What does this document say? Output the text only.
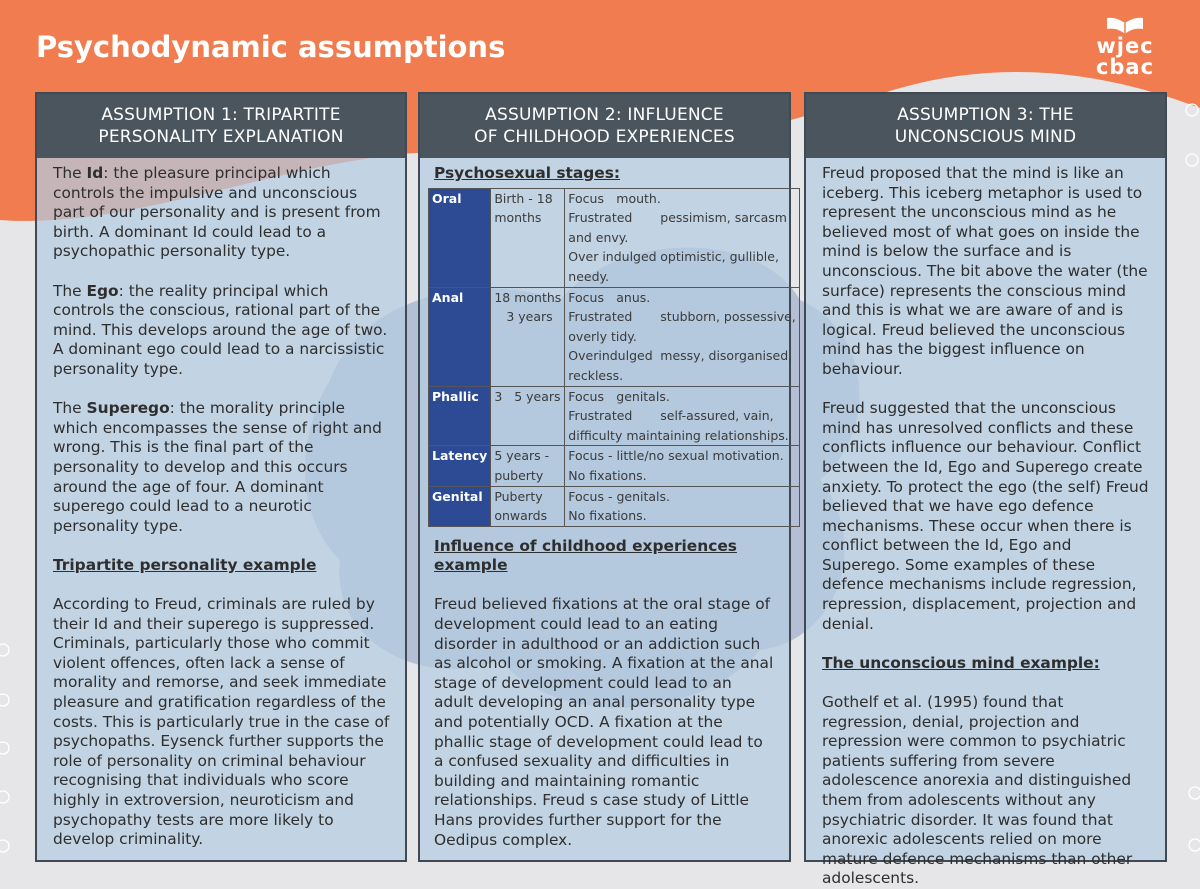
Psychodynamic assumptions	wjec
cbac
ASSUMPTION 1: TRIPARTITE
PERSONALITY EXPLANATION

The Id: the pleasure principal which controls the impulsive and unconscious part of our personality and is present from birth. A dominant Id could lead to a psychopathic personality type.

The Ego: the reality principal which controls the conscious, rational part of the mind. This develops around the age of two. A dominant ego could lead to a narcissistic personality type.

The Superego: the morality principle which encompasses the sense of right and wrong. This is the final part of the personality to develop and this occurs around the age of four. A dominant superego could lead to a neurotic personality type.

Tripartite personality example

According to Freud, criminals are ruled by their Id and their superego is suppressed. Criminals, particularly those who commit violent offences, often lack a sense of morality and remorse, and seek immediate pleasure and gratification regardless of the costs. This is particularly true in the case of psychopaths. Eysenck further supports the role of personality on criminal behaviour recognising that individuals who score highly in extroversion, neuroticism and psychopathy tests are more likely to develop criminality.

ASSUMPTION 2: INFLUENCE
OF CHILDHOOD EXPERIENCES
Psychosexual stages:
Oral	Birth - 18
months	Focus mouth.
Frustrated pessimism, sarcasm
and envy.
Over indulged optimistic, gullible,
needy.

Anal	18 months
3 years	Focus anus.
Frustrated stubborn, possessive,
overly tidy.
Overindulged messy, disorganised,
reckless.

Phallic	3 5 years	Focus genitals.
Frustrated self-assured, vain,
difficulty maintaining relationships.

Latency	5 years -
puberty	Focus - little/no sexual motivation.
No fixations.

Genital	Puberty
onwards	Focus - genitals.
No fixations.
Influence of childhood experiences
example

Freud believed fixations at the oral stage of development could lead to an eating disorder in adulthood or an addiction such as alcohol or smoking. A fixation at the anal stage of development could lead to an adult developing an anal personality type and potentially OCD. A fixation at the phallic stage of development could lead to a confused sexuality and difficulties in building and maintaining romantic relationships. Freud s case study of Little Hans provides further support for the Oedipus complex.

ASSUMPTION 3: THE
UNCONSCIOUS MIND

Freud proposed that the mind is like an iceberg. This iceberg metaphor is used to represent the unconscious mind as he believed most of what goes on inside the mind is below the surface and is unconscious. The bit above the water (the surface) represents the conscious mind and this is what we are aware of and is logical. Freud believed the unconscious mind has the biggest influence on behaviour.

Freud suggested that the unconscious mind has unresolved conflicts and these conflicts influence our behaviour. Conflict between the Id, Ego and Superego create anxiety. To protect the ego (the self) Freud believed that we have ego defence mechanisms. These occur when there is conflict between the Id, Ego and Superego. Some examples of these defence mechanisms include regression, repression, displacement, projection and denial.

The unconscious mind example:

Gothelf et al. (1995) found that regression, denial, projection and repression were common to psychiatric patients suffering from severe adolescence anorexia and distinguished them from adolescents without any psychiatric disorder. It was found that anorexic adolescents relied on more mature defence mechanisms than other adolescents.
